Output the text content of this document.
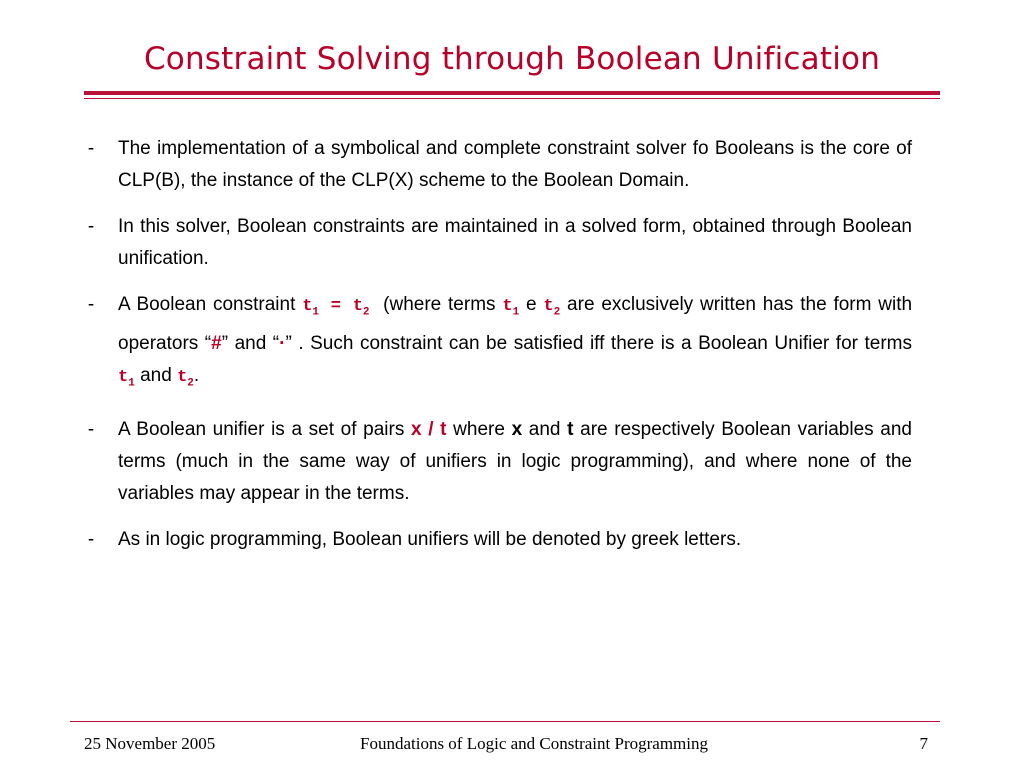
Constraint Solving through Boolean Unification
- The implementation of a symbolical and complete constraint solver fo Booleans is the core of CLP(B), the instance of the CLP(X) scheme to the Boolean Domain.
- In this solver, Boolean constraints are maintained in a solved form, obtained through Boolean unification.
- A Boolean constraint $t_1 = t_2$ (where terms $t_1$ e $t_2$ are exclusively written has the form with operators “#” and “·” . Such constraint can be satisfied iff there is a Boolean Unifier for terms $t_1$ and $t_2$.
- A Boolean unifier is a set of pairs x / t where x and t are respectively Boolean variables and terms (much in the same way of unifiers in logic programming), and where none of the variables may appear in the terms.
- As in logic programming, Boolean unifiers will be denoted by greek letters.
25 November 2005	Foundations of Logic and Constraint Programming	7
